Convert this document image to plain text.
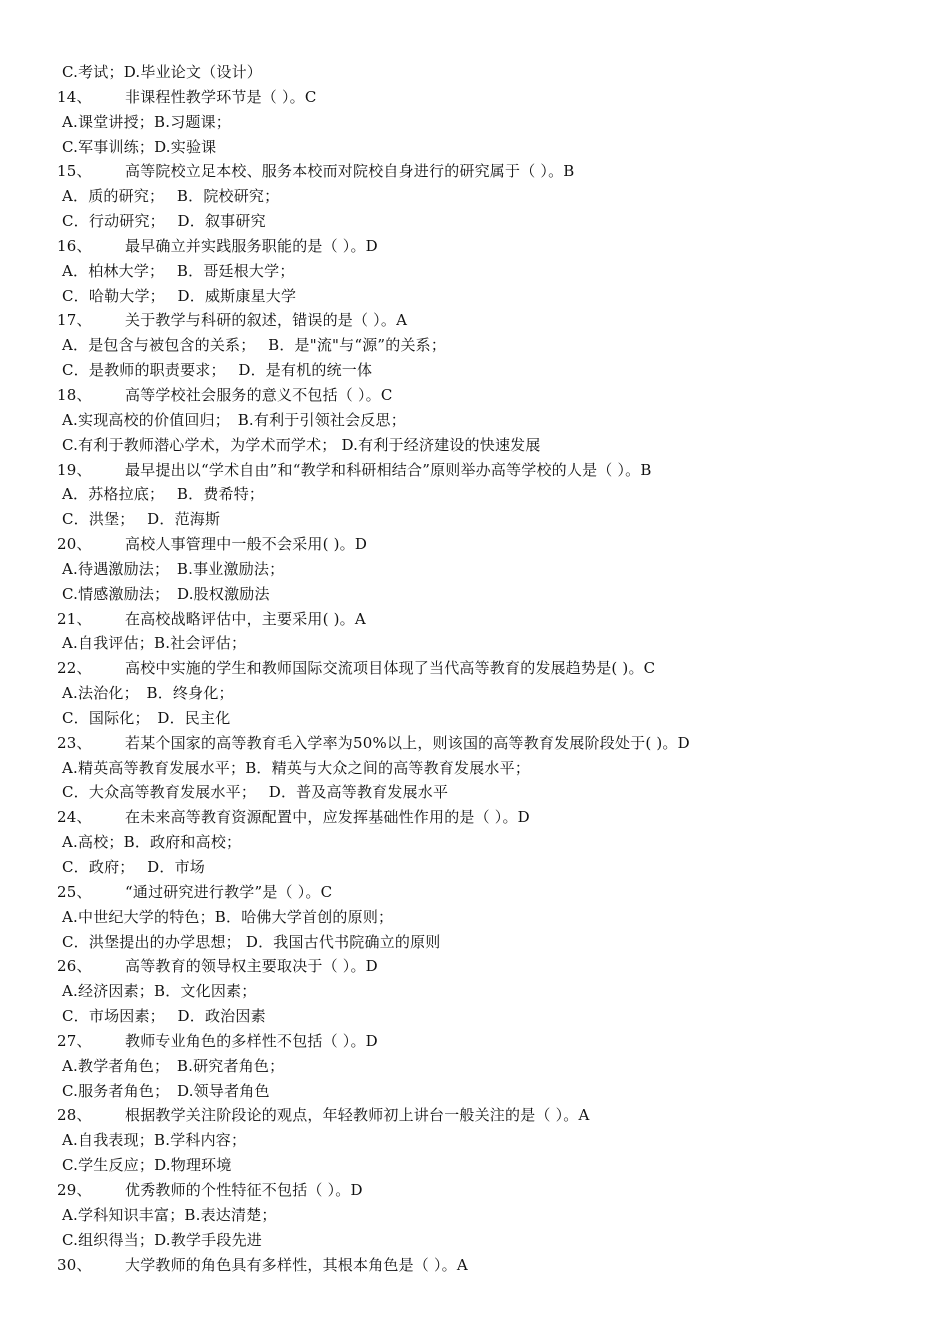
C.考试；D.毕业论文（设计）
14、	非课程性教学环节是（ ）。C
A.课堂讲授；B.习题课；
C.军事训练；D.实验课
15、	高等院校立足本校、服务本校而对院校自身进行的研究属于（ ）。B
A．质的研究；　 B．院校研究；
C．行动研究；　 D．叙事研究
16、	最早确立并实践服务职能的是（ ）。D
A．柏林大学；　 B．哥廷根大学；
C．哈勒大学；　 D．威斯康星大学
17、	关于教学与科研的叙述，错误的是（ ）。A
A．是包含与被包含的关系；　 B．是"流"与“源”的关系；
C．是教师的职责要求；　 D．是有机的统一体
18、	高等学校社会服务的意义不包括（ ）。C
A.实现高校的价值回归；　B.有利于引领社会反思；
C.有利于教师潜心学术，为学术而学术； D.有利于经济建设的快速发展
19、	最早提出以“学术自由”和“教学和科研相结合”原则举办高等学校的人是（ ）。B
A．苏格拉底；　 B．费希特；
C．洪堡；　 D．范海斯
20、	高校人事管理中一般不会采用( )。D
A.待遇激励法；　B.事业激励法；
C.情感激励法；　D.股权激励法
21、	在高校战略评估中，主要采用( )。A
A.自我评估；B.社会评估；
22、	高校中实施的学生和教师国际交流项目体现了当代高等教育的发展趋势是( )。C
A.法治化；　B．终身化；
C．国际化；　D．民主化
23、	若某个国家的高等教育毛入学率为50%以上，则该国的高等教育发展阶段处于( )。D
A.精英高等教育发展水平；B．精英与大众之间的高等教育发展水平；
C．大众高等教育发展水平；　 D．普及高等教育发展水平
24、	在未来高等教育资源配置中，应发挥基础性作用的是（ ）。D
A.高校；B．政府和高校；
C．政府；　 D．市场
25、	“通过研究进行教学”是（ ）。C
A.中世纪大学的特色；B．哈佛大学首创的原则；
C．洪堡提出的办学思想； D．我国古代书院确立的原则
26、	高等教育的领导权主要取决于（ ）。D
A.经济因素；B．文化因素；
C．市场因素；　 D．政治因素
27、	教师专业角色的多样性不包括（ ）。D
A.教学者角色；　B.研究者角色；
C.服务者角色；　D.领导者角色
28、	根据教学关注阶段论的观点，年轻教师初上讲台一般关注的是（ ）。A
A.自我表现；B.学科内容；
C.学生反应；D.物理环境
29、	优秀教师的个性特征不包括（ ）。D
A.学科知识丰富；B.表达清楚；
C.组织得当；D.教学手段先进
30、	大学教师的角色具有多样性，其根本角色是（ ）。A
